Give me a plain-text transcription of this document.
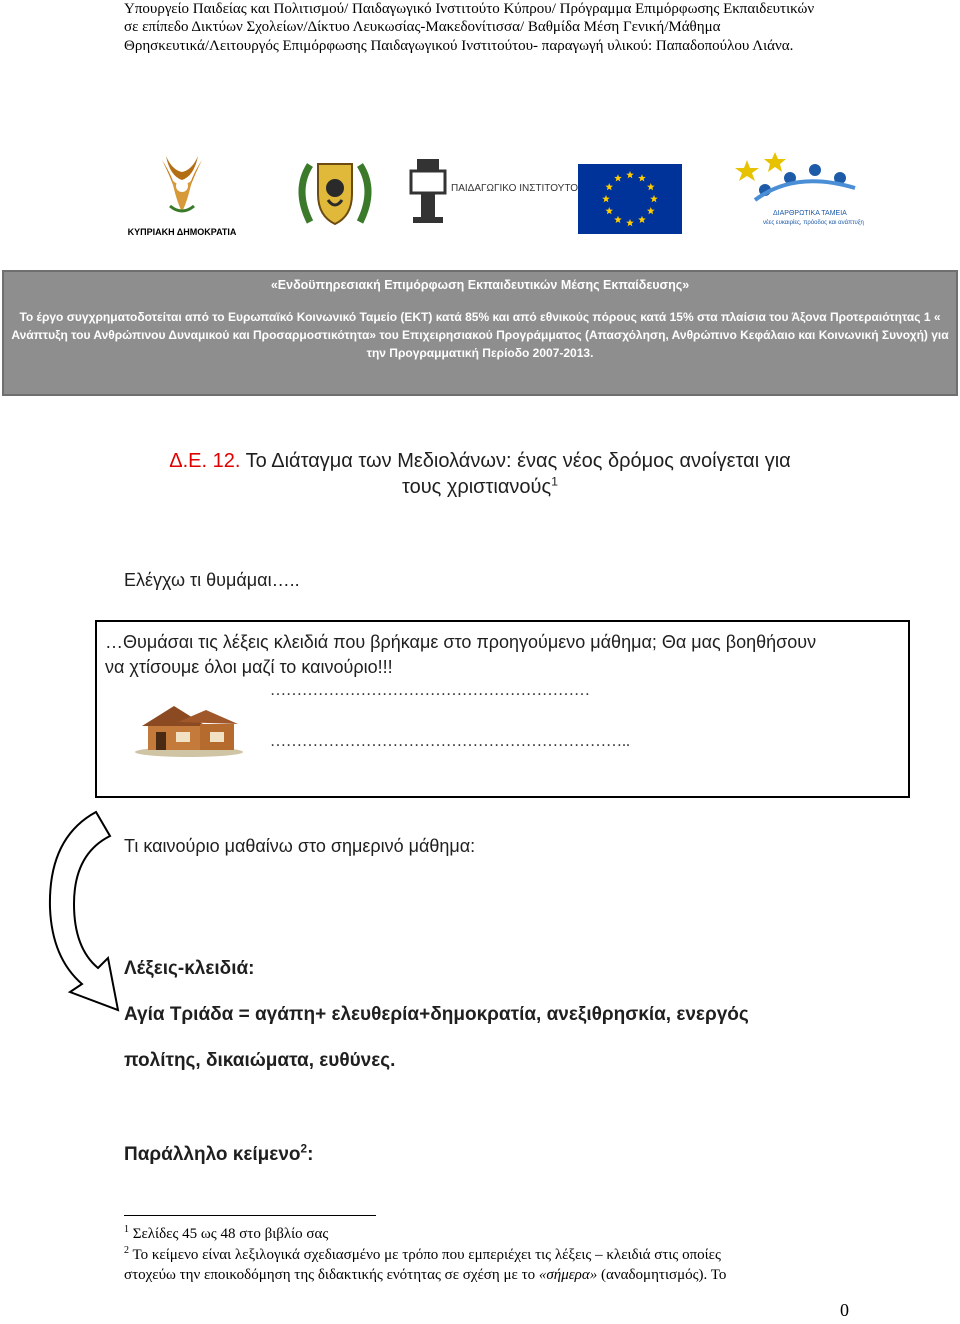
Υπουργείο Παιδείας και Πολιτισμού/ Παιδαγωγικό Ινστιτούτο Κύπρου/ Πρόγραμμα Επιμόρφωσης Εκπαιδευτικών
σε επίπεδο Δικτύων Σχολείων/Δίκτυο Λευκωσίας-Μακεδονίτισσα/ Βαθμίδα Μέση Γενική/Μάθημα
Θρησκευτικά/Λειτουργός Επιμόρφωσης Παιδαγωγικού Ινστιτούτου- παραγωγή υλικού: Παπαδοπούλου Λιάνα.
ΚΥΠΡΙΑΚΗ ΔΗΜΟΚΡΑΤΙΑ
ΠΑΙΔΑΓΩΓΙΚΟ ΙΝΣΤΙΤΟΥΤΟ
ΔΙΑΡΘΡΩΤΙΚΑ ΤΑΜΕΙΑ
νέες ευκαιρίες, πρόοδος και ανάπτυξη
«Ενδοϋπηρεσιακή Επιμόρφωση Εκπαιδευτικών Μέσης Εκπαίδευσης»
Το έργο συγχρηματοδοτείται από το Ευρωπαϊκό Κοινωνικό Ταμείο (ΕΚΤ) κατά 85% και από εθνικούς πόρους κατά 15% στα πλαίσια του Άξονα Προτεραιότητας 1 « Ανάπτυξη του Ανθρώπινου Δυναμικού και Προσαρμοστικότητα» του Επιχειρησιακού Προγράμματος (Απασχόληση, Ανθρώπινο Κεφάλαιο και Κοινωνική Συνοχή) για την Προγραμματική Περίοδο 2007-2013.
Δ.Ε. 12. Το Διάταγμα των Μεδιολάνων: ένας νέος δρόμος ανοίγεται για
τους χριστιανούς$^1$
Ελέγχω τι θυμάμαι…..
…Θυμάσαι τις λέξεις κλειδιά που βρήκαμε στο προηγούμενο μάθημα; Θα μας βοηθήσουν
να χτίσουμε όλοι μαζί το καινούριο!!!
……………………………………………………
…………………………………………………………..
Τι καινούριο μαθαίνω στο σημερινό μάθημα:
Λέξεις-κλειδιά:
Αγία Τριάδα = αγάπη+ ελευθερία+δημοκρατία, ανεξιθρησκία, ενεργός
πολίτης, δικαιώματα, ευθύνες.
Παράλληλο κείμενο$^2$:
$^1$ Σελίδες 45 ως 48 στο βιβλίο σας
$^2$ Το κείμενο είναι λεξιλογικά σχεδιασμένο με τρόπο που εμπεριέχει τις λέξεις – κλειδιά στις οποίες
στοχεύω την εποικοδόμηση της διδακτικής ενότητας σε σχέση με το «σήμερα» (αναδομητισμός). Το
0
